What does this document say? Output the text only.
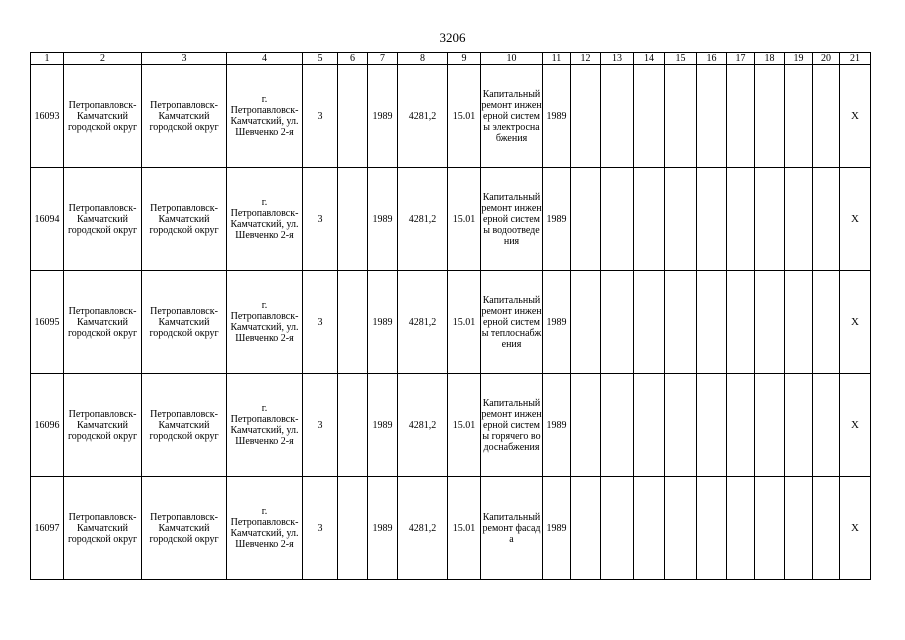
3206
1	2	3	4	5	6	7	8	9	10	11	12	13	14	15	16	17	18	19	20	21
16093	Петропавловск-Камчатский городской округ	Петропавловск-Камчатский городской округ	г. Петропавловск-Камчатский, ул. Шевченко 2-я	3		1989	4281,2	15.01	Капитальный ремонт инженерной системы электроснабжения	1989										X
16094	Петропавловск-Камчатский городской округ	Петропавловск-Камчатский городской округ	г. Петропавловск-Камчатский, ул. Шевченко 2-я	3		1989	4281,2	15.01	Капитальный ремонт инженерной системы водоотведения	1989										X
16095	Петропавловск-Камчатский городской округ	Петропавловск-Камчатский городской округ	г. Петропавловск-Камчатский, ул. Шевченко 2-я	3		1989	4281,2	15.01	Капитальный ремонт инженерной системы теплоснабжения	1989										X
16096	Петропавловск-Камчатский городской округ	Петропавловск-Камчатский городской округ	г. Петропавловск-Камчатский, ул. Шевченко 2-я	3		1989	4281,2	15.01	Капитальный ремонт инженерной системы горячего водоснабжения	1989										X
16097	Петропавловск-Камчатский городской округ	Петропавловск-Камчатский городской округ	г. Петропавловск-Камчатский, ул. Шевченко 2-я	3		1989	4281,2	15.01	Капитальный ремонт фасада	1989										X
